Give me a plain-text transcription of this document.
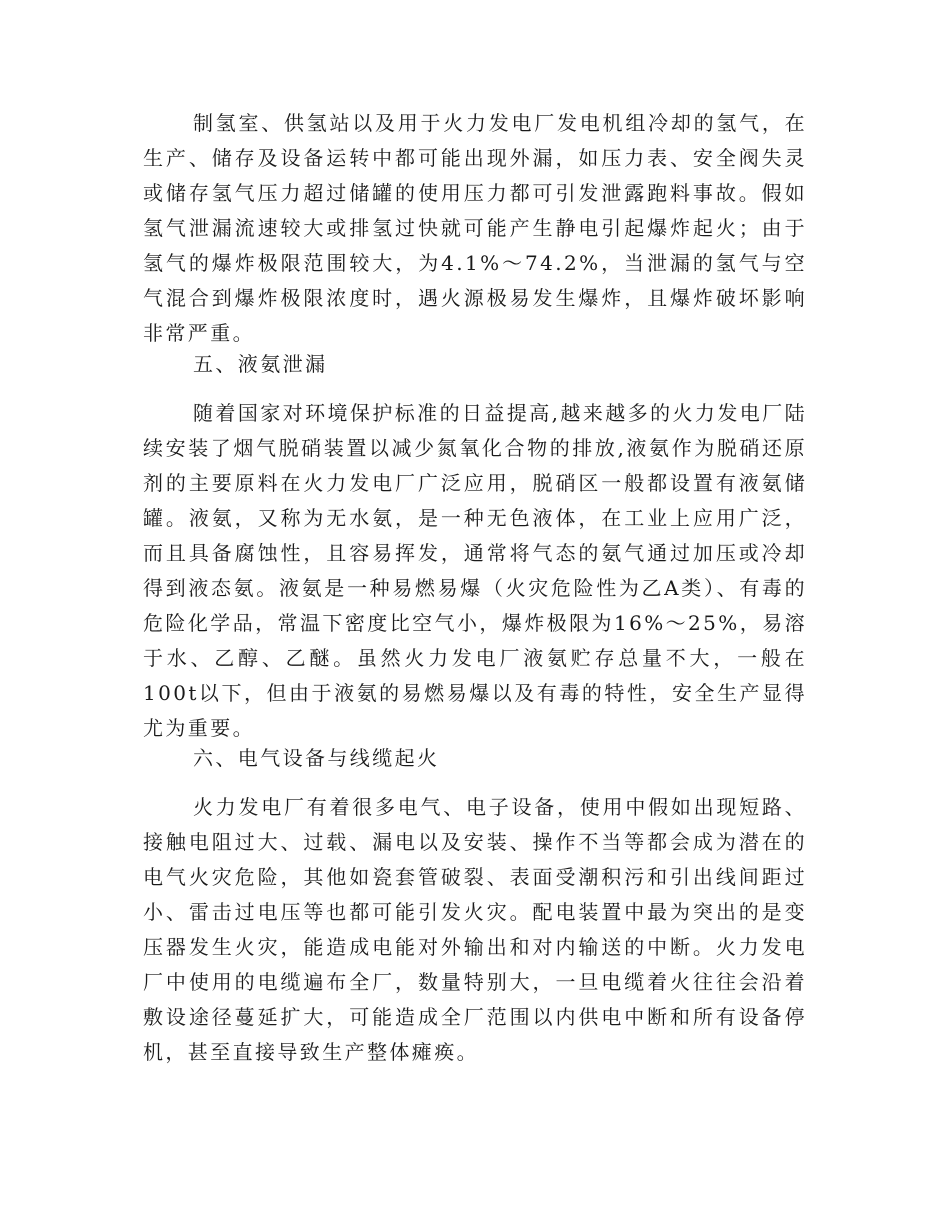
制氢室、供氢站以及用于火力发电厂发电机组冷却的氢气，在生产、储存及设备运转中都可能出现外漏，如压力表、安全阀失灵或储存氢气压力超过储罐的使用压力都可引发泄露跑料事故。假如氢气泄漏流速较大或排氢过快就可能产生静电引起爆炸起火；由于氢气的爆炸极限范围较大，为4.1%～74.2%，当泄漏的氢气与空气混合到爆炸极限浓度时，遇火源极易发生爆炸，且爆炸破坏影响非常严重。

五、液氨泄漏

随着国家对环境保护标准的日益提高,越来越多的火力发电厂陆续安装了烟气脱硝装置以减少氮氧化合物的排放,液氨作为脱硝还原剂的主要原料在火力发电厂广泛应用，脱硝区一般都设置有液氨储罐。液氨，又称为无水氨，是一种无色液体，在工业上应用广泛，而且具备腐蚀性，且容易挥发，通常将气态的氨气通过加压或冷却得到液态氨。液氨是一种易燃易爆（火灾危险性为乙A类）、有毒的危险化学品，常温下密度比空气小，爆炸极限为16%～25%，易溶于水、乙醇、乙醚。虽然火力发电厂液氨贮存总量不大，一般在100t以下，但由于液氨的易燃易爆以及有毒的特性，安全生产显得尤为重要。

六、电气设备与线缆起火

火力发电厂有着很多电气、电子设备，使用中假如出现短路、接触电阻过大、过载、漏电以及安装、操作不当等都会成为潜在的电气火灾危险，其他如瓷套管破裂、表面受潮积污和引出线间距过小、雷击过电压等也都可能引发火灾。配电装置中最为突出的是变压器发生火灾，能造成电能对外输出和对内输送的中断。火力发电厂中使用的电缆遍布全厂，数量特别大，一旦电缆着火往往会沿着敷设途径蔓延扩大，可能造成全厂范围以内供电中断和所有设备停机，甚至直接导致生产整体瘫痪。
